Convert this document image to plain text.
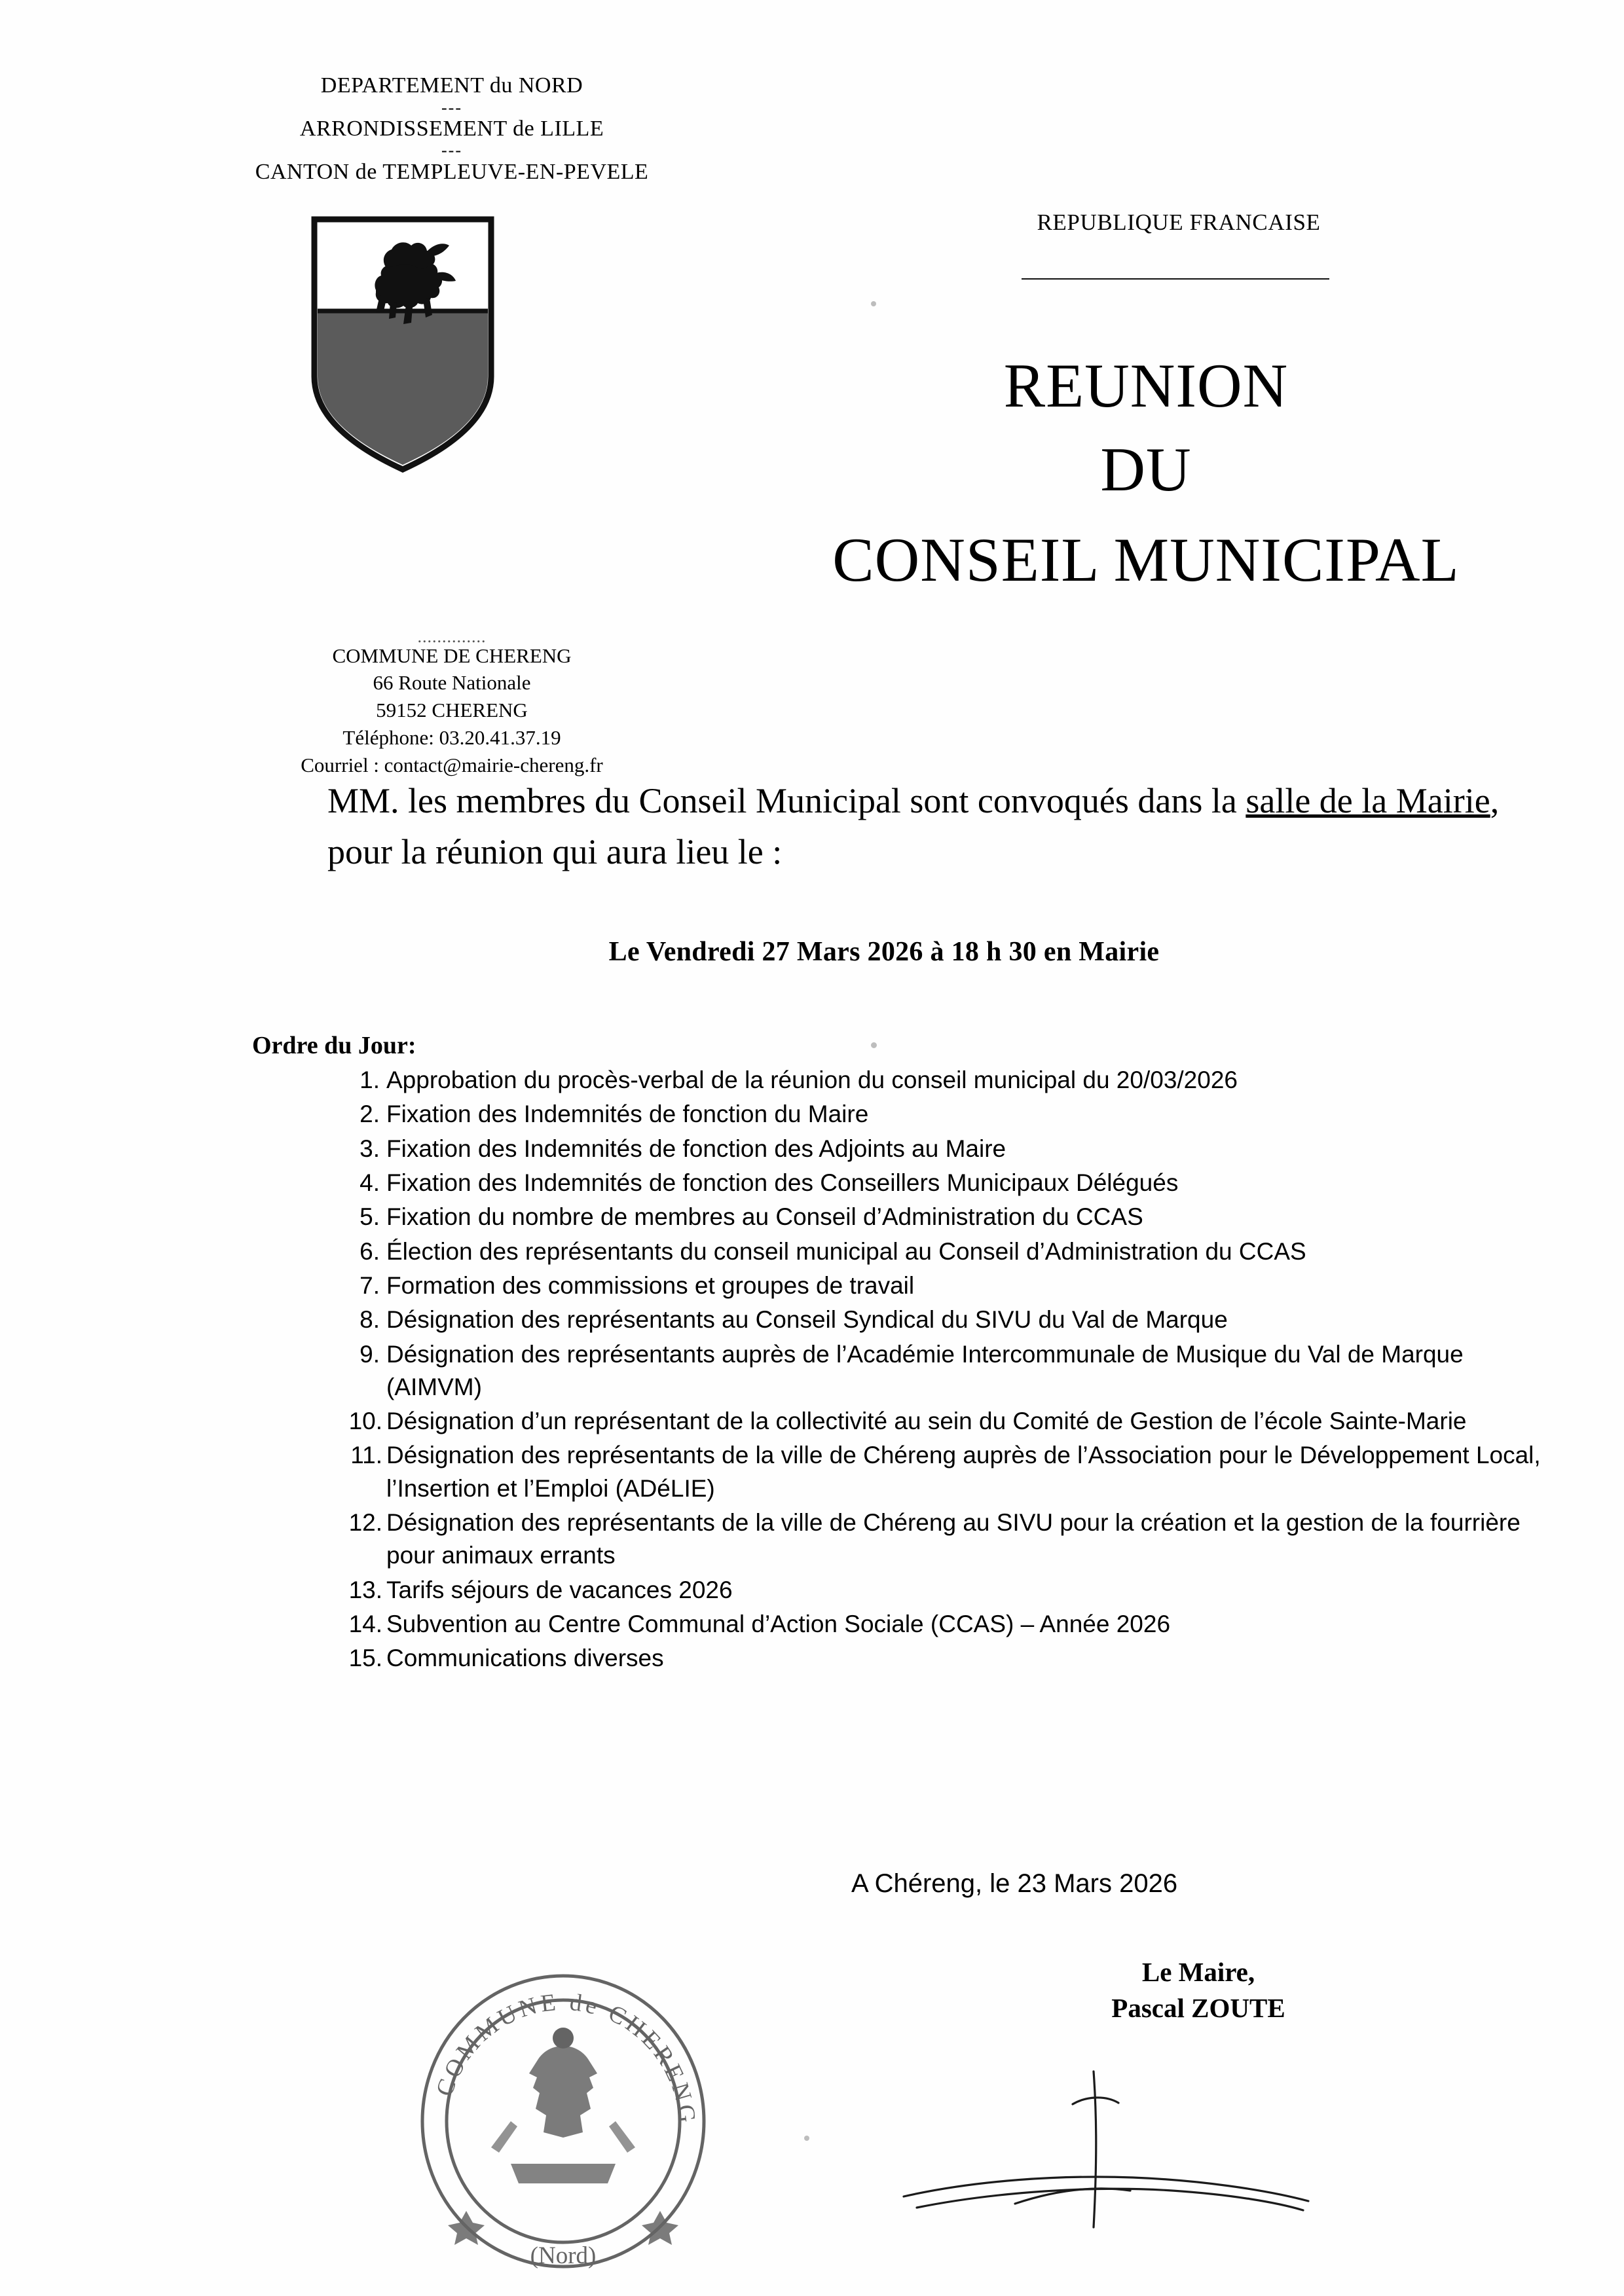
DEPARTEMENT du NORD
---
ARRONDISSEMENT de LILLE
---
CANTON de TEMPLEUVE-EN-PEVELE
..............
COMMUNE DE CHERENG
66 Route Nationale
59152 CHERENG
Téléphone: 03.20.41.37.19
Courriel : contact@mairie-chereng.fr
REPUBLIQUE FRANCAISE
REUNION
DU
CONSEIL MUNICIPAL

MM. les membres du Conseil Municipal sont convoqués dans la salle de la Mairie, pour la réunion qui aura lieu le :

Le Vendredi 27 Mars 2026 à 18 h 30 en Mairie
Ordre du Jour:
1. Approbation du procès-verbal de la réunion du conseil municipal du 20/03/2026
2. Fixation des Indemnités de fonction du Maire
3. Fixation des Indemnités de fonction des Adjoints au Maire
4. Fixation des Indemnités de fonction des Conseillers Municipaux Délégués
5. Fixation du nombre de membres au Conseil d’Administration du CCAS
6. Élection des représentants du conseil municipal au Conseil d’Administration du CCAS
7. Formation des commissions et groupes de travail
8. Désignation des représentants au Conseil Syndical du SIVU du Val de Marque
9. Désignation des représentants auprès de l’Académie Intercommunale de Musique du Val de Marque (AIMVM)
10. Désignation d’un représentant de la collectivité au sein du Comité de Gestion de l’école Sainte-Marie
11. Désignation des représentants de la ville de Chéreng auprès de l’Association pour le Développement Local, l’Insertion et l’Emploi (ADéLIE)
12. Désignation des représentants de la ville de Chéreng au SIVU pour la création et la gestion de la fourrière pour animaux errants
13. Tarifs séjours de vacances 2026
14. Subvention au Centre Communal d’Action Sociale (CCAS) – Année 2026
15. Communications diverses
A Chéreng, le 23 Mars 2026
Le Maire,
Pascal ZOUTE
COMMUNE de CHERENG
(Nord)
